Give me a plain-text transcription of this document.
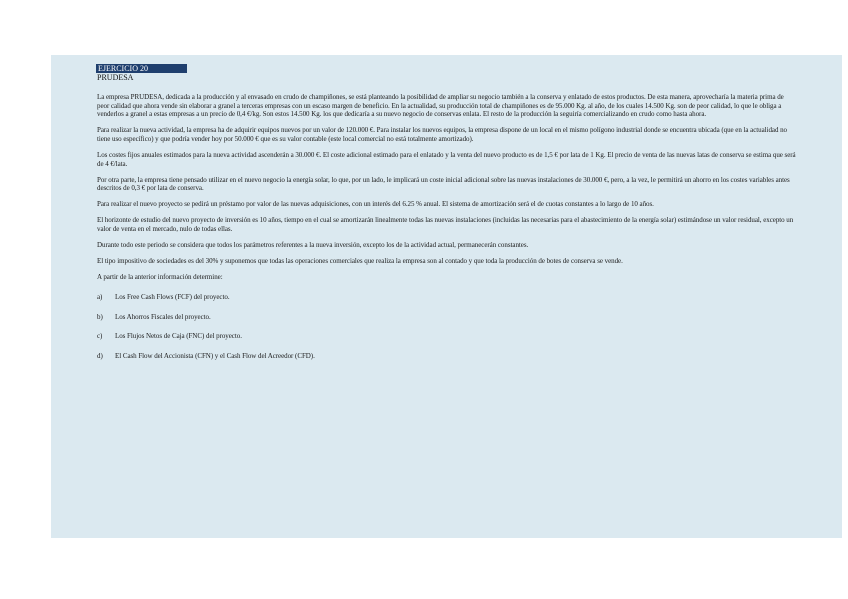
EJERCICIO 20
PRUDESA

La empresa PRUDESA, dedicada a la producción y al envasado en crudo de champiñones, se está planteando la posibilidad de ampliar su negocio también a la conserva y enlatado de estos productos. De esta manera, aprovecharía la materia prima de peor calidad que ahora vende sin elaborar a granel a terceras empresas con un escaso margen de beneficio. En la actualidad, su producción total de champiñones es de 95.000 Kg. al año, de los cuales 14.500 Kg. son de peor calidad, lo que le obliga a venderlos a granel a estas empresas a un precio de 0,4 €/kg. Son estos 14.500 Kg. los que dedicaría a su nuevo negocio de conservas enlata. El resto de la producción la seguiría comercializando en crudo como hasta ahora.

Para realizar la nueva actividad, la empresa ha de adquirir equipos nuevos por un valor de 120.000 €. Para instalar los nuevos equipos, la empresa dispone de un local en el mismo polígono industrial donde se encuentra ubicada (que en la actualidad no tiene uso específico) y que podría vender hoy por 50.000 € que es su valor contable (este local comercial no está totalmente amortizado).

Los costes fijos anuales estimados para la nueva actividad ascenderán a 30.000 €. El coste adicional estimado para el enlatado y la venta del nuevo producto es de 1,5 € por lata de 1 Kg. El precio de venta de las nuevas latas de conserva se estima que será de 4 €/lata.

Por otra parte, la empresa tiene pensado utilizar en el nuevo negocio la energía solar, lo que, por un lado, le implicará un coste inicial adicional sobre las nuevas instalaciones de 30.000 €, pero, a la vez, le permitirá un ahorro en los costes variables antes descritos de 0,3 € por lata de conserva.

Para realizar el nuevo proyecto se pedirá un préstamo por valor de las nuevas adquisiciones, con un interés del 6.25 % anual. El sistema de amortización será el de cuotas constantes a lo largo de 10 años.

El horizonte de estudio del nuevo proyecto de inversión es 10 años, tiempo en el cual se amortizarán linealmente todas las nuevas instalaciones (incluidas las necesarias para el abastecimiento de la energía solar) estimándose un valor residual, excepto un valor de venta en el mercado, nulo de todas ellas.

Durante todo este periodo se considera que todos los parámetros referentes a la nueva inversión, excepto los de la actividad actual, permanecerán constantes.

El tipo impositivo de sociedades es del 30% y suponemos que todas las operaciones comerciales que realiza la empresa son al contado y que toda la producción de botes de conserva se vende.

A partir de la anterior información determine:

a)	Los Free Cash Flows (FCF) del proyecto.
b)	Los Ahorros Fiscales del proyecto.
c)	Los Flujos Netos de Caja (FNC) del proyecto.
d)	El Cash Flow del Accionista (CFN) y el Cash Flow del Acreedor (CFD).
